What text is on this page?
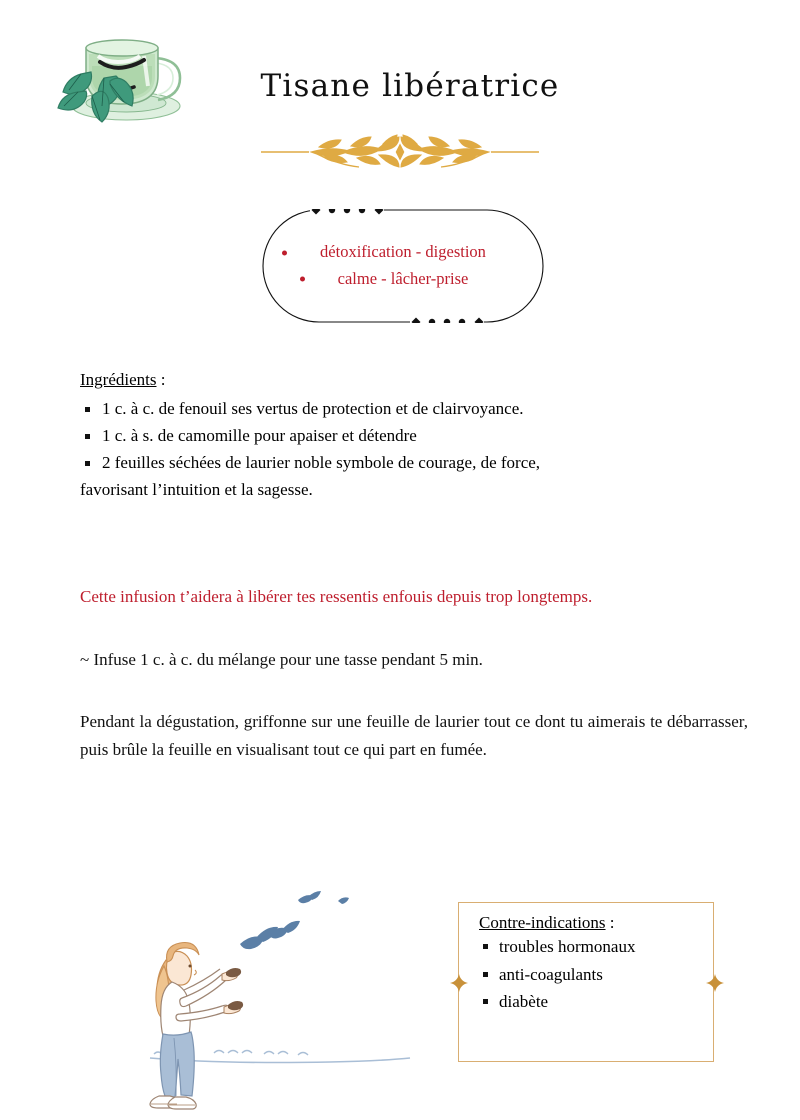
Tisane libératrice
détoxification - digestion
calme - lâcher-prise
Ingrédients :
1 c. à c. de fenouil ses vertus de protection et de clairvoyance.
1 c. à s. de camomille pour apaiser et détendre
2 feuilles séchées de laurier noble symbole de courage, de force,
favorisant l’intuition et la sagesse.
Cette infusion t’aidera à libérer tes ressentis enfouis depuis trop longtemps.
~ Infuse 1 c. à c. du mélange pour une tasse pendant 5 min.
Pendant la dégustation, griffonne sur une feuille de laurier tout ce dont tu aimerais te débarrasser, puis brûle la feuille en visualisant tout ce qui part en fumée.
Contre-indications :
troubles hormonaux
anti-coagulants
diabète
